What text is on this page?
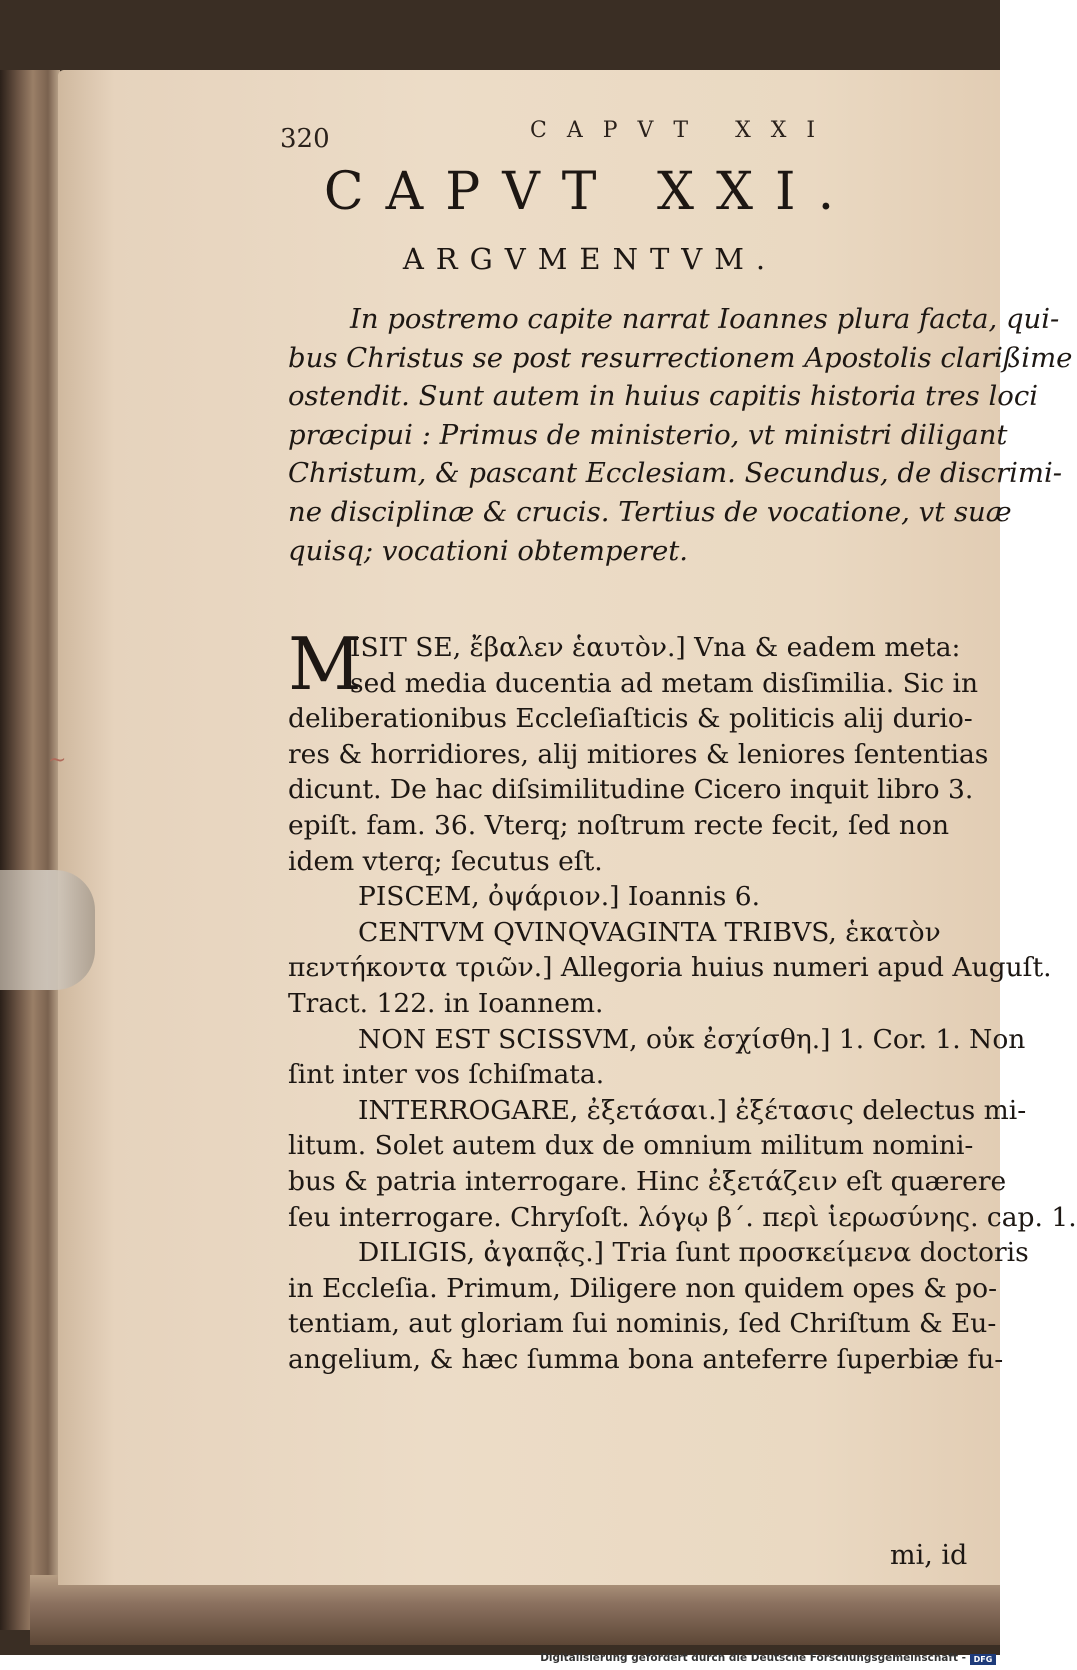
~
320	CAPVT XXI
CAPVT XXI.
ARGVMENTVM.
In postremo capite narrat Ioannes plura facta, qui-
bus Christus se post resurrectionem Apostolis clarißime
ostendit. Sunt autem in huius capitis historia tres loci
præcipui : Primus de ministerio, vt ministri diligant
Christum, & pascant Ecclesiam. Secundus, de discrimi-
ne disciplinæ & crucis. Tertius de vocatione, vt suæ
quisq; vocationi obtemperet.
M
ISIT SE, ἔβαλεν ἑαυτὸν.] Vna & eadem meta:
sed media ducentia ad metam disſimilia. Sic in
deliberationibus Eccleſiaſticis & politicis alij durio-
res & horridiores, alij mitiores & leniores ſententias
dicunt. De hac diſsimilitudine Cicero inquit libro 3.
epiſt. fam. 36. Vterq; noſtrum recte fecit, ſed non
idem vterq; ſecutus eſt.
PISCEM, ὀψάριον.] Ioannis 6.
CENTVM QVINQVAGINTA TRIBVS, ἑκατὸν
πεντήκοντα τριῶν.] Allegoria huius numeri apud Auguſt.
Tract. 122. in Ioannem.
NON EST SCISSVM, οὐκ ἐσχίσθη.] 1. Cor. 1. Non
ſint inter vos ſchiſmata.
INTERROGARE, ἐξετάσαι.] ἐξέτασις delectus mi-
litum. Solet autem dux de omnium militum nomini-
bus & patria interrogare. Hinc ἐξετάζειν eſt quærere
ſeu interrogare. Chryſoſt. λόγῳ β΄. περὶ ἱερωσύνης. cap. 1.
DILIGIS, ἀγαπᾷς.] Tria ſunt προσκείμενα doctoris
in Eccleſia. Primum, Diligere non quidem opes & po-
tentiam, aut gloriam ſui nominis, ſed Chriſtum & Eu-
angelium, & hæc ſumma bona anteferre ſuperbiæ fu-
mi, id
Digitalisierung gefördert durch die Deutsche Forschungsgemeinschaft - DFG
